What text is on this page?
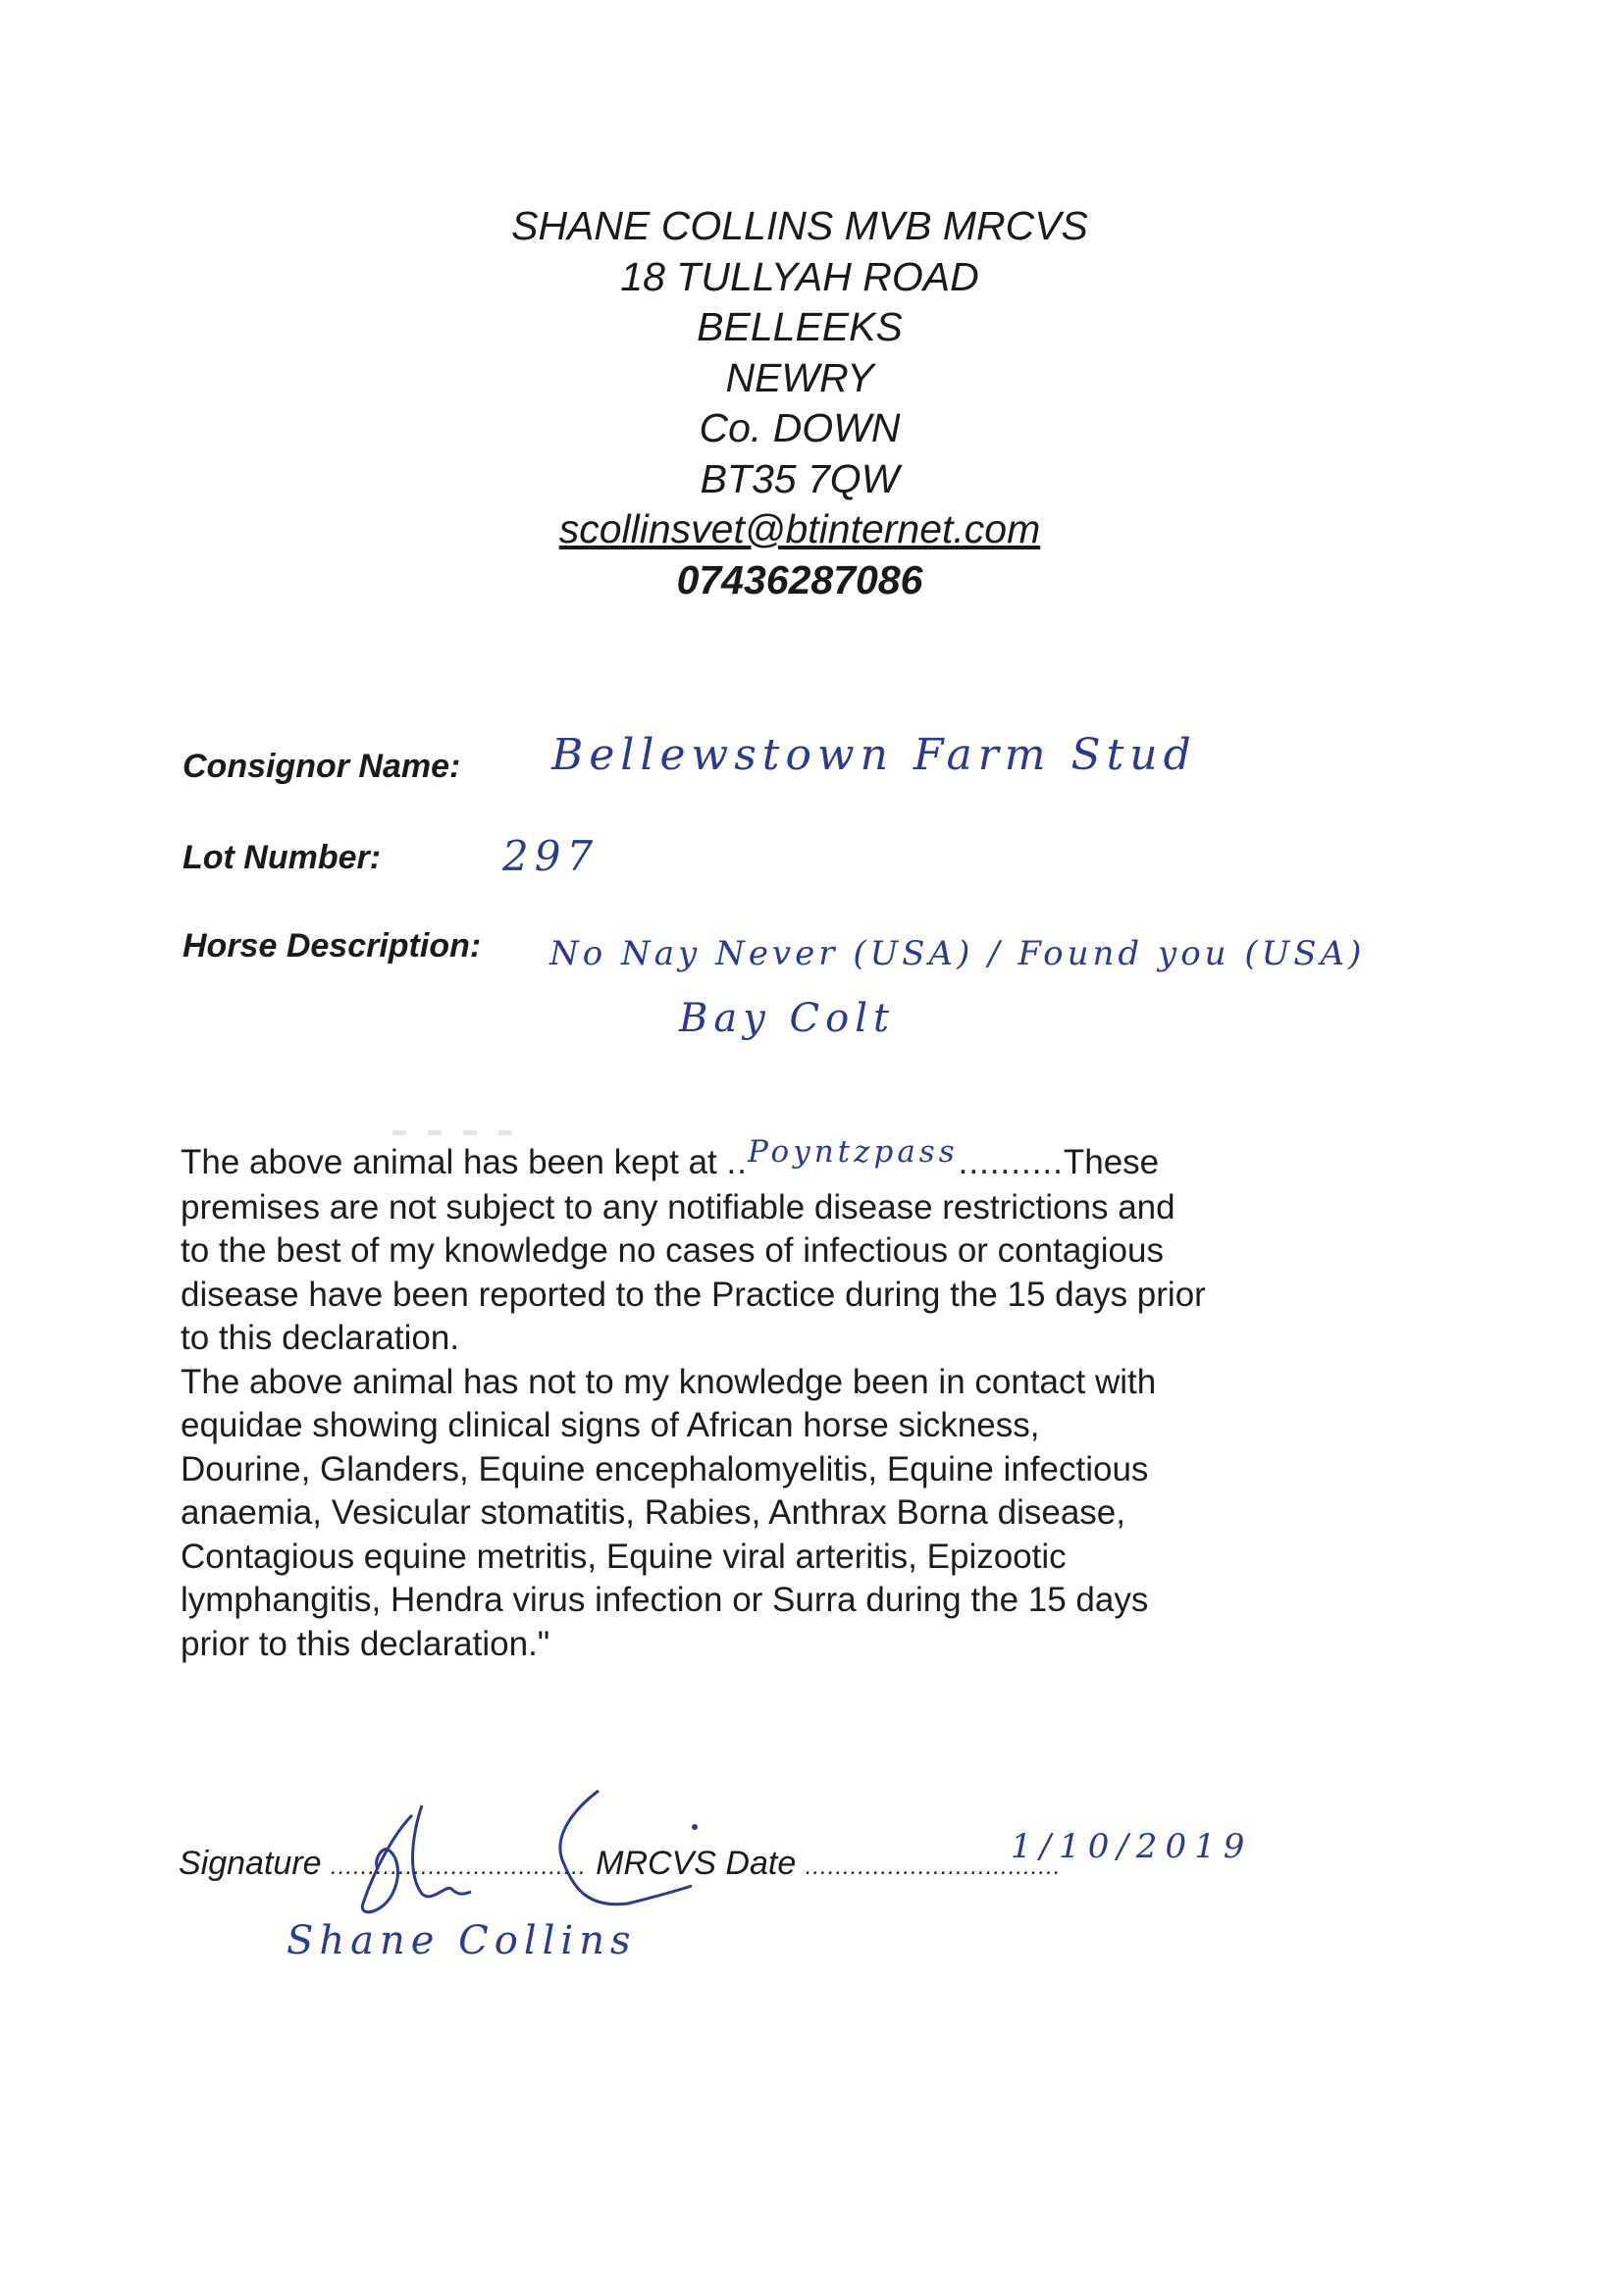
SHANE COLLINS MVB MRCVS
18 TULLYAH ROAD
BELLEEKS
NEWRY
Co. DOWN
BT35 7QW
scollinsvet@btinternet.com
07436287086
Consignor Name: Bellewstown Farm Stud
Lot Number:	297
Horse Description: No Nay Never (USA) / Found you (USA)
Bay Colt
The above animal has been kept at ..Poyntzpass..........These
premises are not subject to any notifiable disease restrictions and
to the best of my knowledge no cases of infectious or contagious
disease have been reported to the Practice during the 15 days prior
to this declaration.
The above animal has not to my knowledge been in contact with
equidae showing clinical signs of African horse sickness,
Dourine, Glanders, Equine encephalomyelitis, Equine infectious
anaemia, Vesicular stomatitis, Rabies, Anthrax Borna disease,
Contagious equine metritis, Equine viral arteritis, Epizootic
lymphangitis, Hendra virus infection or Surra during the 15 days
prior to this declaration."
Signature .................................. MRCVS Date ..................................
1/10/2019
Shane Collins
